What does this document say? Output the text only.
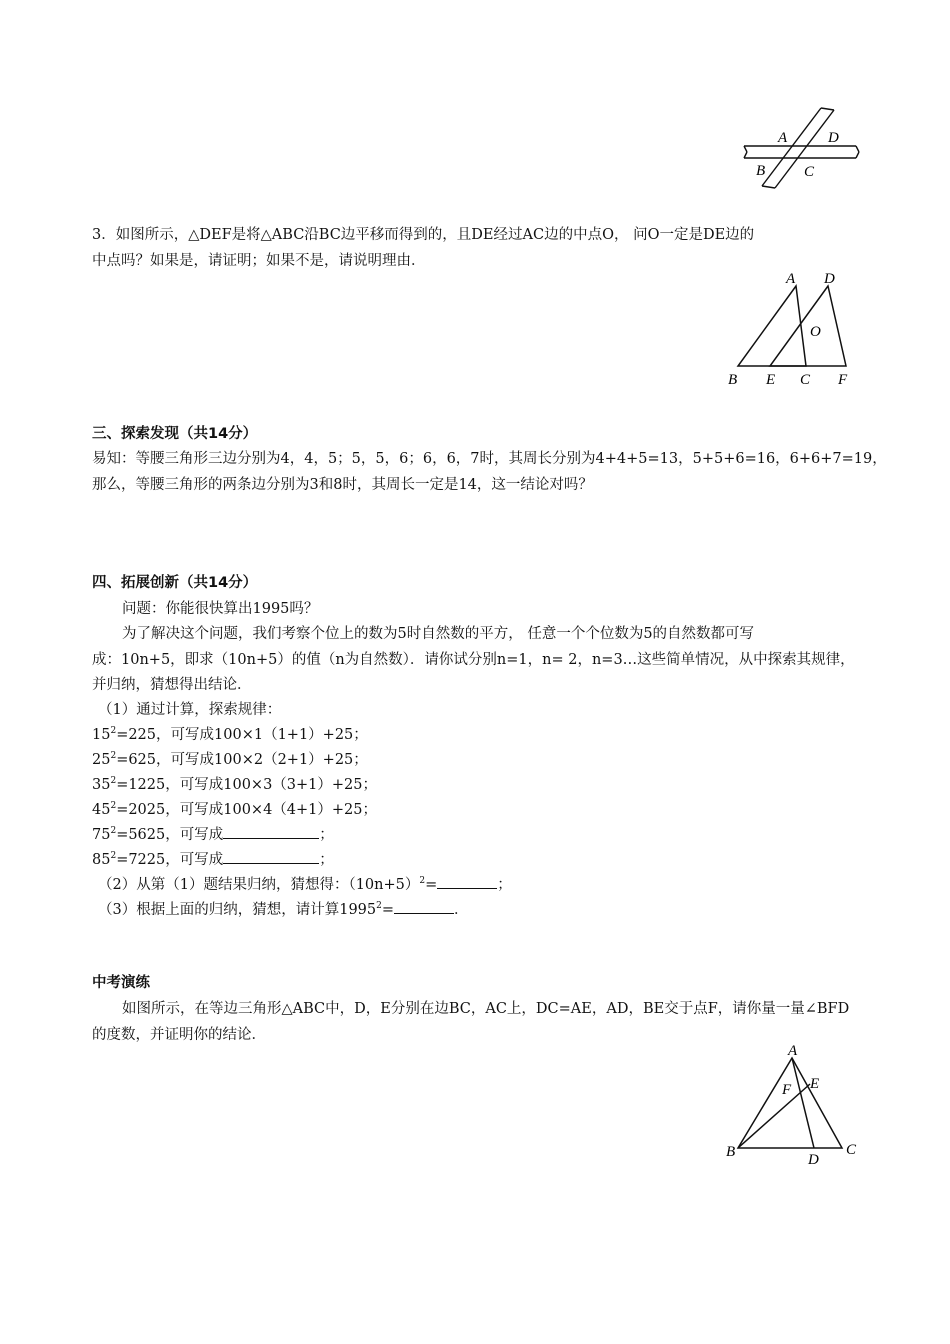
A	D
B	C
3．如图所示，△DEF是将△ABC沿BC边平移而得到的，且DE经过AC边的中点O， 问O一定是DE边的
中点吗？如果是，请证明；如果不是，请说明理由．
A D
O
B E C F
三、探索发现（共14分）
易知：等腰三角形三边分别为4，4，5；5，5，6；6，6，7时，其周长分别为4+4+5=13，5+5+6=16，6+6+7=19，
那么，等腰三角形的两条边分别为3和8时，其周长一定是14，这一结论对吗？
四、拓展创新（共14分）
问题：你能很快算出1995吗？
为了解决这个问题，我们考察个位上的数为5时自然数的平方， 任意一个个位数为5的自然数都可写
成：10n+5，即求（10n+5）的值（n为自然数）．请你试分别n=1，n= 2，n=3…这些简单情况，从中探索其规律，
并归纳，猜想得出结论．
（1）通过计算，探索规律：
$15^2=225$，可写成100×1（1+1）+25；
$25^2=625$，可写成100×2（2+1）+25；
$35^2=1225$，可写成100×3（3+1）+25；
$45^2=2025$，可写成100×4（4+1）+25；
$75^2=5625$，可写成	；
$85^2=7225$，可写成	；
（2）从第（1）题结果归纳，猜想得：$(10n+5)^2=$	；
（3）根据上面的归纳，猜想，请计算$1995^2=$	．
中考演练
如图所示，在等边三角形△ABC中，D，E分别在边BC，AC上，DC=AE，AD，BE交于点F，请你量一量∠BFD
的度数，并证明你的结论．
A
F E
B	D
C
